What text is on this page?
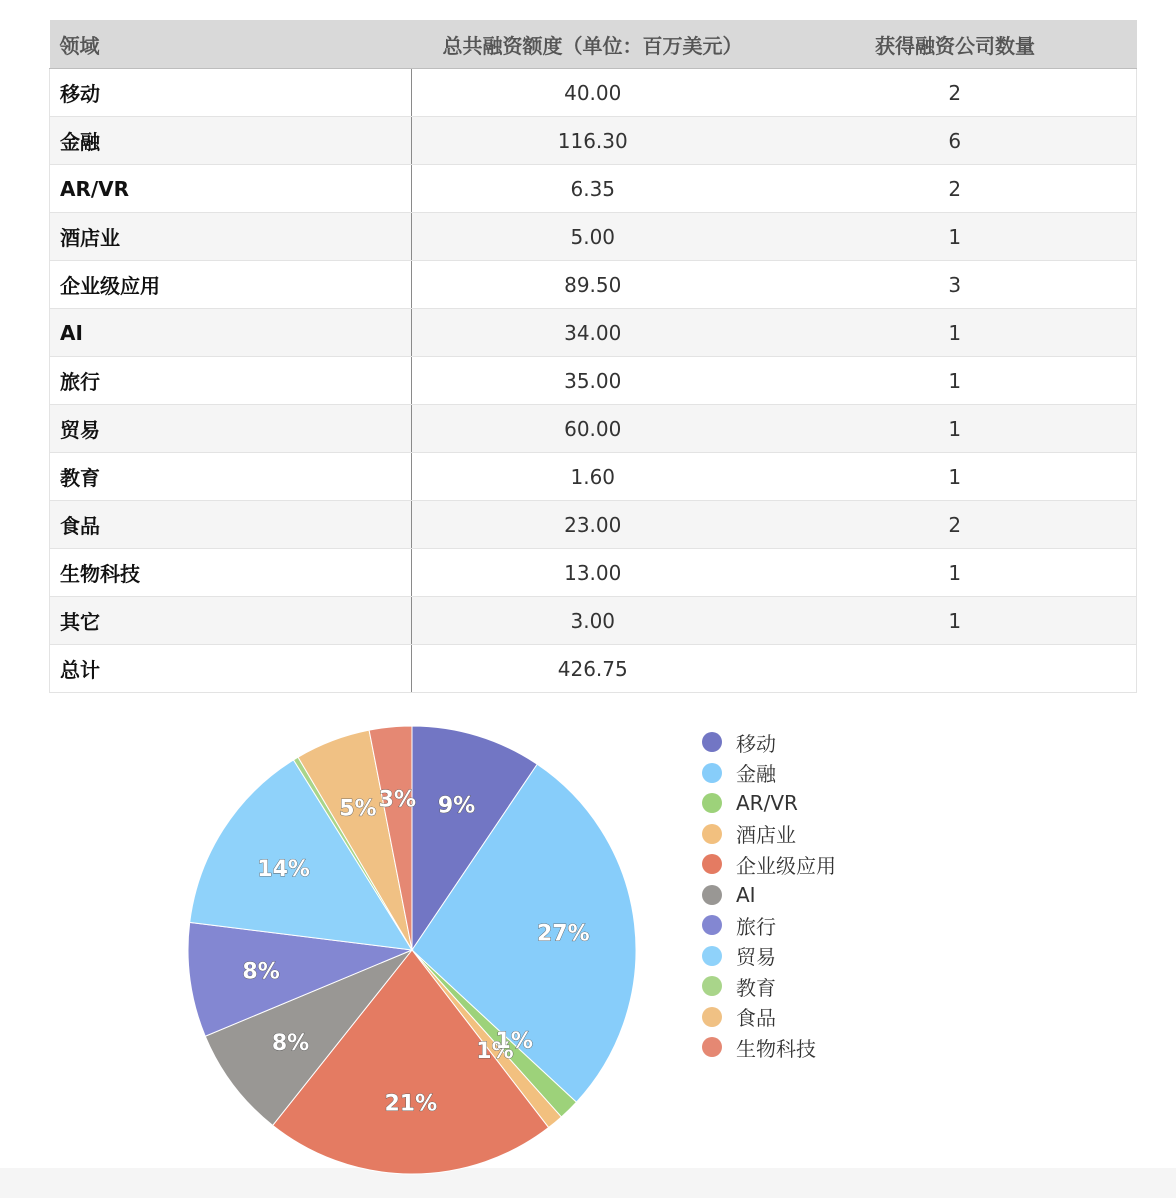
领域	总共融资额度（单位：百万美元）	获得融资公司数量
移动	40.00	2
金融	116.30	6
AR/VR	6.35	2
酒店业	5.00	1
企业级应用	89.50	3
AI	34.00	1
旅行	35.00	1
贸易	60.00	1
教育	1.60	1
食品	23.00	2
生物科技	13.00	1
其它	3.00	1
总计	426.75	
9%
27%
1%
21%
8%
8%
14%
5% 3%
1%
移动
金融
AR/VR
酒店业
企业级应用
AI
旅行
贸易
教育
食品
生物科技
